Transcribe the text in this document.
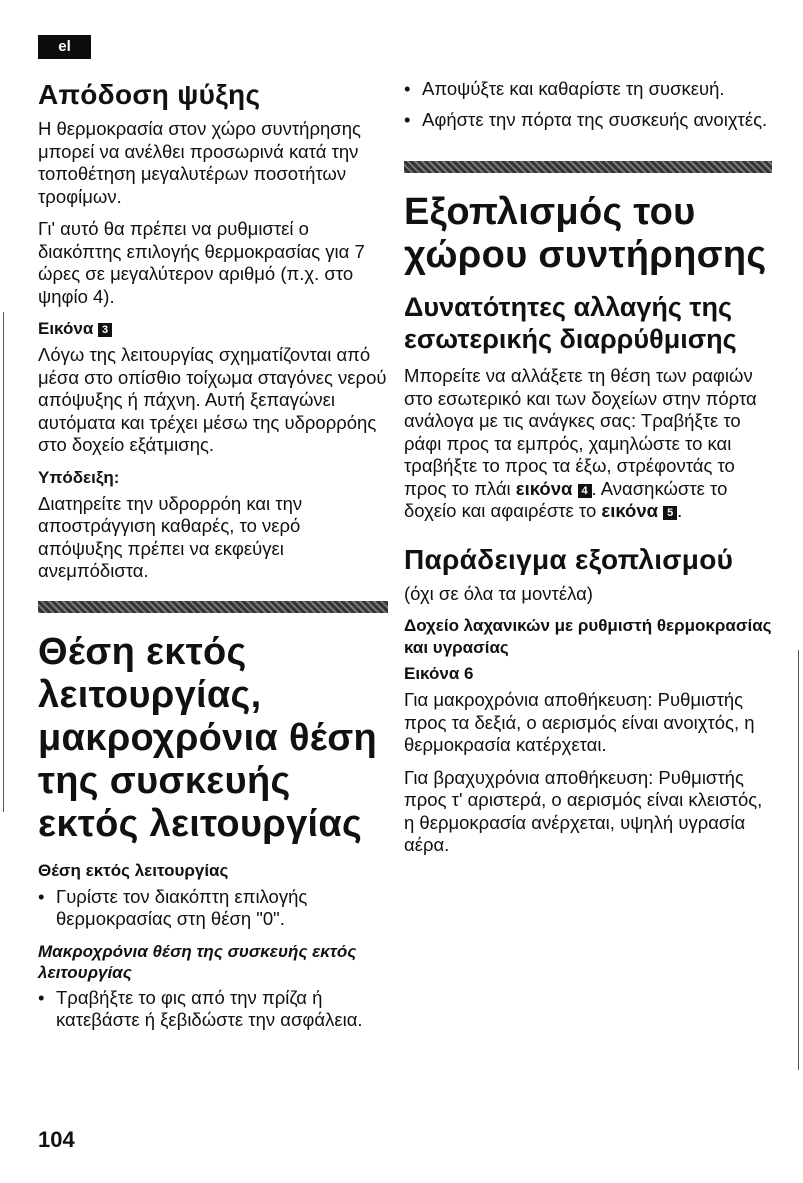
el
Απόδοση ψύξης

Η θερμοκρασία στον χώρο συντήρησης μπορεί να ανέλθει προσωρινά κατά την τοποθέτηση μεγαλυτέρων ποσοτήτων τροφίμων.

Γι' αυτό θα πρέπει να ρυθμιστεί ο διακόπτης επιλογής θερμοκρασίας για 7 ώρες σε μεγαλύτερον αριθμό (π.χ. στο ψηφίο 4).

Εικόνα 3

Λόγω της λειτουργίας σχηματίζονται από μέσα στο οπίσθιο τοίχωμα σταγόνες νερού απόψυξης ή πάχνη. Αυτή ξεπαγώνει αυτόματα και τρέχει μέσω της υδρορρόης στο δοχείο εξάτμισης.

Υπόδειξη:

Διατηρείτε την υδρορρόη και την αποστράγγιση καθαρές, το νερό απόψυξης πρέπει να εκφεύγει ανεμπόδιστα.

Θέση εκτός λειτουργίας, μακροχρόνια θέση της συσκευής εκτός λειτουργίας
Θέση εκτός λειτουργίας
• Γυρίστε τον διακόπτη επιλογής θερμοκρασίας στη θέση "0".
Μακροχρόνια θέση της συσκευής εκτός λειτουργίας
• Τραβήξτε το φις από την πρίζα ή κατεβάστε ή ξεβιδώστε την ασφάλεια.
• Αποψύξτε και καθαρίστε τη συσκευή.
• Αφήστε την πόρτα της συσκευής ανοιχτές.
Εξοπλισμός του χώρου συντήρησης
Δυνατότητες αλλαγής της εσωτερικής διαρρύθμισης

Μπορείτε να αλλάξετε τη θέση των ραφιών στο εσωτερικό και των δοχείων στην πόρτα ανάλογα με τις ανάγκες σας: Τραβήξτε το ράφι προς τα εμπρός, χαμηλώστε το και τραβήξτε το προς τα έξω, στρέφοντάς το προς το πλάι εικόνα 4 . Ανασηκώστε το δοχείο και αφαιρέστε το εικόνα 5 .

Παράδειγμα εξοπλισμού

(όχι σε όλα τα μοντέλα)

Δοχείο λαχανικών με ρυθμιστή θερμοκρασίας και υγρασίας
Εικόνα 6

Για μακροχρόνια αποθήκευση: Ρυθμιστής προς τα δεξιά, ο αερισμός είναι ανοιχτός, η θερμοκρασία κατέρχεται.

Για βραχυχρόνια αποθήκευση: Ρυθμιστής προς τ' αριστερά, ο αερισμός είναι κλειστός, η θερμοκρασία ανέρχεται, υψηλή υγρασία αέρα.

104
